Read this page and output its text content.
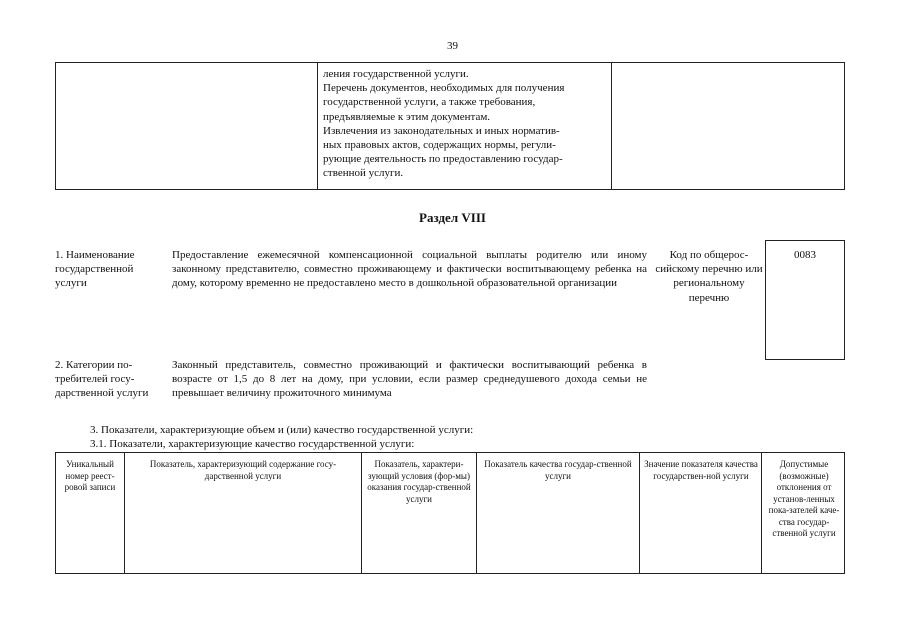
39
ления государственной услуги.
Перечень документов, необходимых для получения
государственной услуги, а также требования,
предъявляемые к этим документам.
Извлечения из законодательных и иных норматив-
ных правовых актов, содержащих нормы, регули-
рующие деятельность по предоставлению государ-
ственной услуги.
Раздел VIII
1. Наименование государственной услуги
Предоставление ежемесячной компенсационной социальной выплаты родителю или иному законному представителю, совместно проживающему и фактически воспитывающему ребенка на дому, которому временно не предоставлено место в дошкольной образовательной организации
Код по общерос-сийскому перечню или региональному перечню
0083
2. Категории по-требителей госу-дарственной услуги
Законный представитель, совместно проживающий и фактически воспитывающий ребенка в возрасте от 1,5 до 8 лет на дому, при условии, если размер среднедушевого дохода семьи не превышает величину прожиточного минимума
3. Показатели, характеризующие объем и (или) качество государственной услуги:
3.1. Показатели, характеризующие качество государственной услуги:
Уникальный номер реест-ровой записи
Показатель, характеризующий содержание госу-дарственной услуги
Показатель, характери-зующий условия (фор-мы) оказания государ-ственной услуги
Показатель качества государ-ственной услуги
Значение показателя качества государствен-ной услуги
Допустимые (возможные) отклонения от установ-ленных пока-зателей каче-ства государ-ственной услуги
